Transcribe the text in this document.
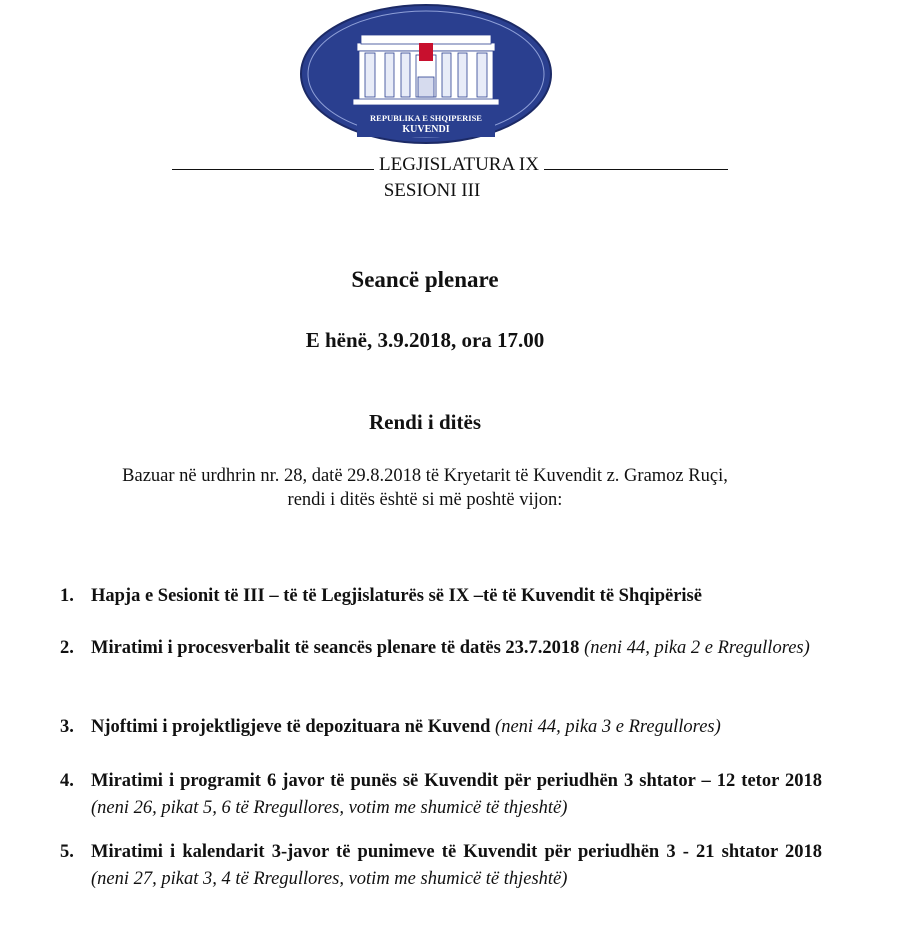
REPUBLIKA E SHQIPERISE
KUVENDI
LEGJISLATURA IX
SESIONI III
Seancë plenare
E hënë, 3.9.2018, ora 17.00
Rendi i ditës
Bazuar në urdhrin nr. 28, datë 29.8.2018 të Kryetarit të Kuvendit z. Gramoz Ruçi,
rendi i ditës është si më poshtë vijon:
1. Hapja e Sesionit të III – të të Legjislaturës së IX –të të Kuvendit të Shqipërisë
2. Miratimi i procesverbalit të seancës plenare të datës 23.7.2018 (neni 44, pika 2 e Rregullores)
3. Njoftimi i projektligjeve të depozituara në Kuvend (neni 44, pika 3 e Rregullores)
4. Miratimi i programit 6 javor të punës së Kuvendit për periudhën 3 shtator – 12 tetor 2018 (neni 26, pikat 5, 6 të Rregullores, votim me shumicë të thjeshtë)
5. Miratimi i kalendarit 3-javor të punimeve të Kuvendit për periudhën 3 - 21 shtator 2018 (neni 27, pikat 3, 4 të Rregullores, votim me shumicë të thjeshtë)
